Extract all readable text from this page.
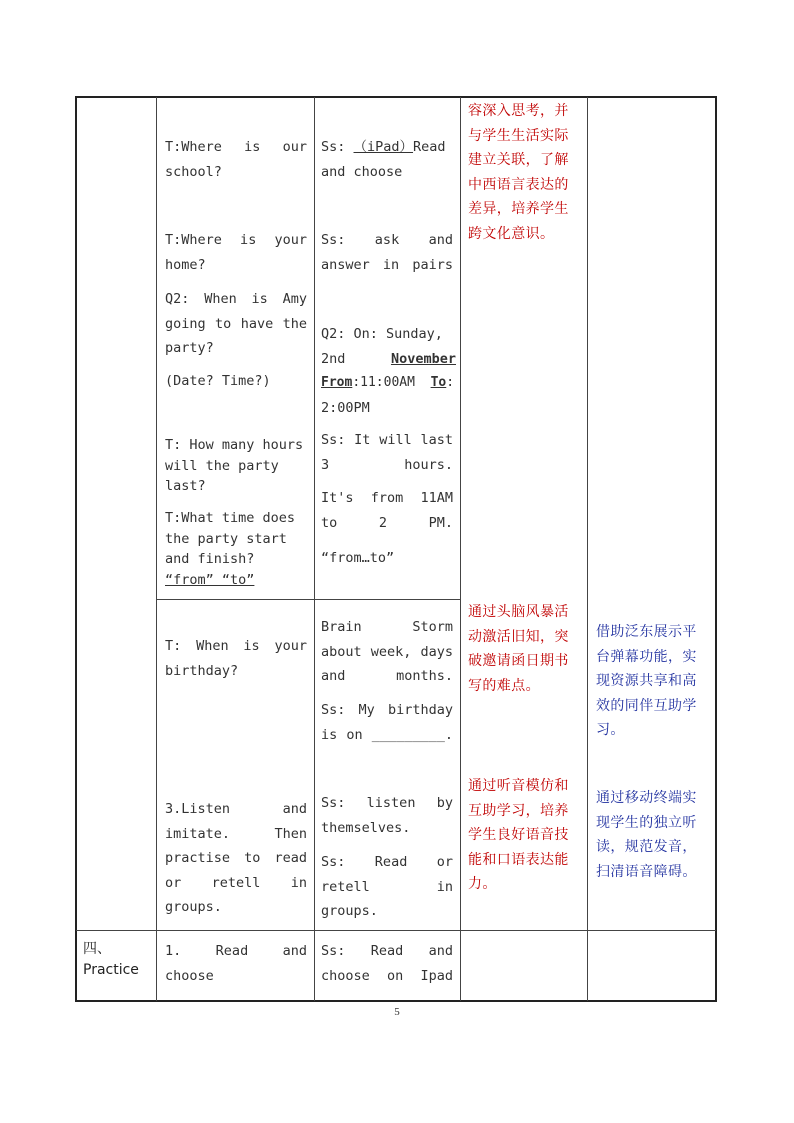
T:Where is our school?
T:Where is your home?
Q2: When is Amy going to have the party?
(Date? Time?)
T: How many hours will the party last?
T:What time does
the party start
and finish?
“from” “to”
T: When is your birthday?
3.Listen and imitate. Then practise to read or retell in groups.
1. Read and choose
Ss: （iPad）Read and choose
Ss: ask and answer in pairs
Q2: On: Sunday,
2nd	November
From:11:00AM  To:
2:00PM
Ss: It will last 3 hours.
It's from 11AM to 2 PM.
“from…to”
Brain Storm about week, days and months.
Ss: My birthday is on _________.
Ss: listen by themselves.
Ss: Read or retell in groups.
Ss: Read and choose on Ipad
容深入思考，并与学生生活实际建立关联，了解中西语言表达的差异，培养学生跨文化意识。
通过头脑风暴活动激活旧知，突破邀请函日期书写的难点。
通过听音模仿和互助学习，培养学生良好语音技能和口语表达能力。
借助泛东展示平台弹幕功能，实现资源共享和高效的同伴互助学习。
通过移动终端实现学生的独立听读，规范发音，扫清语音障碍。
四、
Practice
5
